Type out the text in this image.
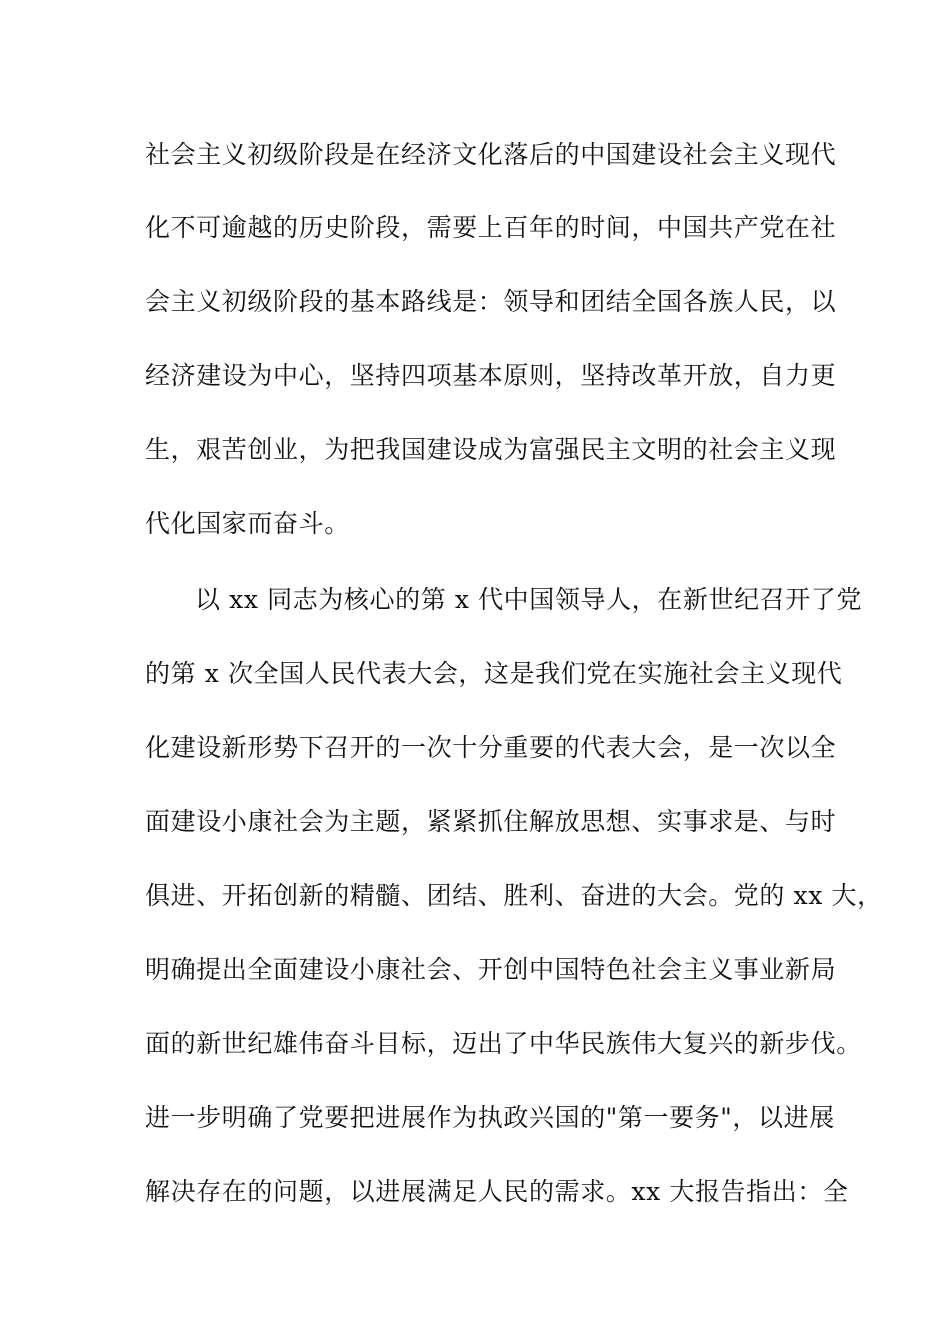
社会主义初级阶段是在经济文化落后的中国建设社会主义现代
化不可逾越的历史阶段，需要上百年的时间，中国共产党在社
会主义初级阶段的基本路线是：领导和团结全国各族人民，以
经济建设为中心，坚持四项基本原则，坚持改革开放，自力更
生，艰苦创业，为把我国建设成为富强民主文明的社会主义现
代化国家而奋斗。
以 xx 同志为核心的第 x 代中国领导人，在新世纪召开了党
的第 x 次全国人民代表大会，这是我们党在实施社会主义现代
化建设新形势下召开的一次十分重要的代表大会，是一次以全
面建设小康社会为主题，紧紧抓住解放思想、实事求是、与时
俱进、开拓创新的精髓、团结、胜利、奋进的大会。党的 xx 大，
明确提出全面建设小康社会、开创中国特色社会主义事业新局
面的新世纪雄伟奋斗目标，迈出了中华民族伟大复兴的新步伐。
进一步明确了党要把进展作为执政兴国的"第一要务"，以进展
解决存在的问题，以进展满足人民的需求。xx 大报告指出：全
